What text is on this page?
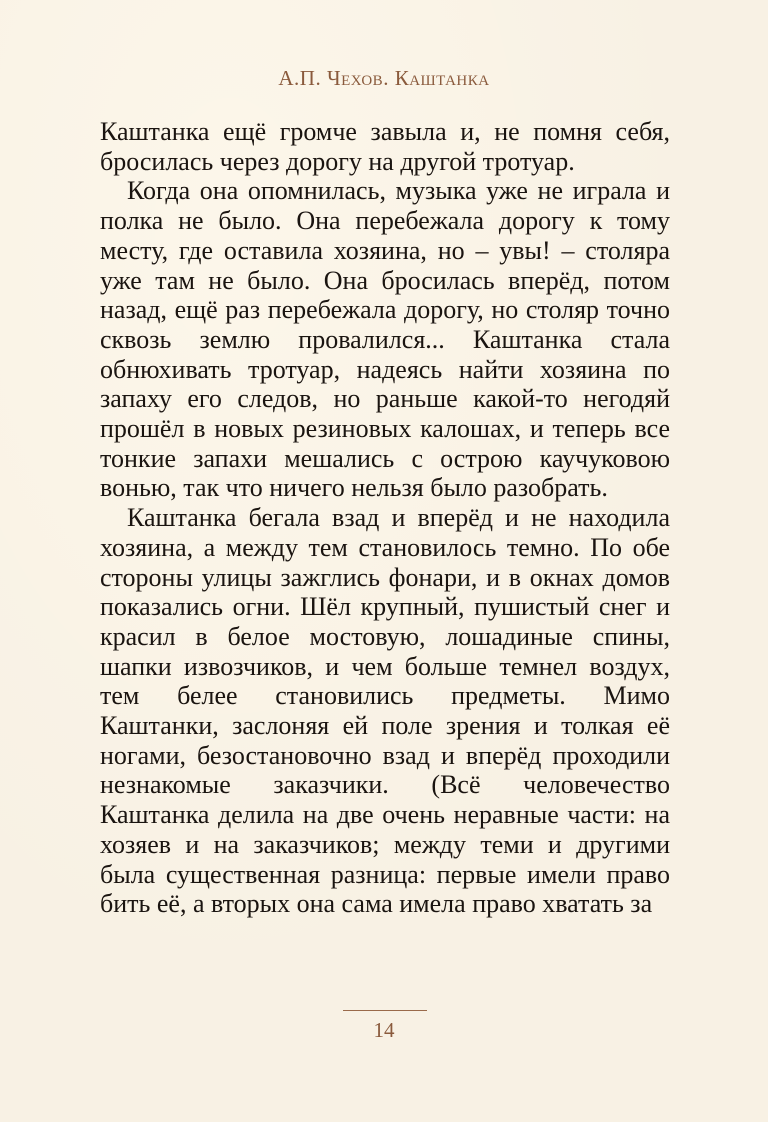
А.П. Чехов. Каштанка

Каштанка ещё громче завыла и, не помня себя, бросилась через дорогу на другой тротуар.

Когда она опомнилась, музыка уже не играла и полка не было. Она перебежала дорогу к тому месту, где оставила хозяина, но – увы! – столяра уже там не было. Она бросилась вперёд, потом назад, ещё раз перебежала дорогу, но столяр точно сквозь землю провалился... Каштанка стала обнюхивать тротуар, надеясь найти хозяина по запаху его следов, но раньше какой-то негодяй прошёл в новых резиновых калошах, и теперь все тонкие запахи мешались с острою каучуковою вонью, так что ничего нельзя было разобрать.

Каштанка бегала взад и вперёд и не находила хозяина, а между тем становилось темно. По обе стороны улицы зажглись фонари, и в окнах домов показались огни. Шёл крупный, пушистый снег и красил в белое мостовую, лошадиные спины, шапки извозчиков, и чем больше темнел воздух, тем белее становились предметы. Мимо Каштанки, заслоняя ей поле зрения и толкая её ногами, безостановочно взад и вперёд проходили незнакомые заказчики. (Всё человечество Каштанка делила на две очень неравные части: на хозяев и на заказчиков; между теми и другими была существенная разница: первые имели право бить её, а вторых она сама имела право хватать за

14
